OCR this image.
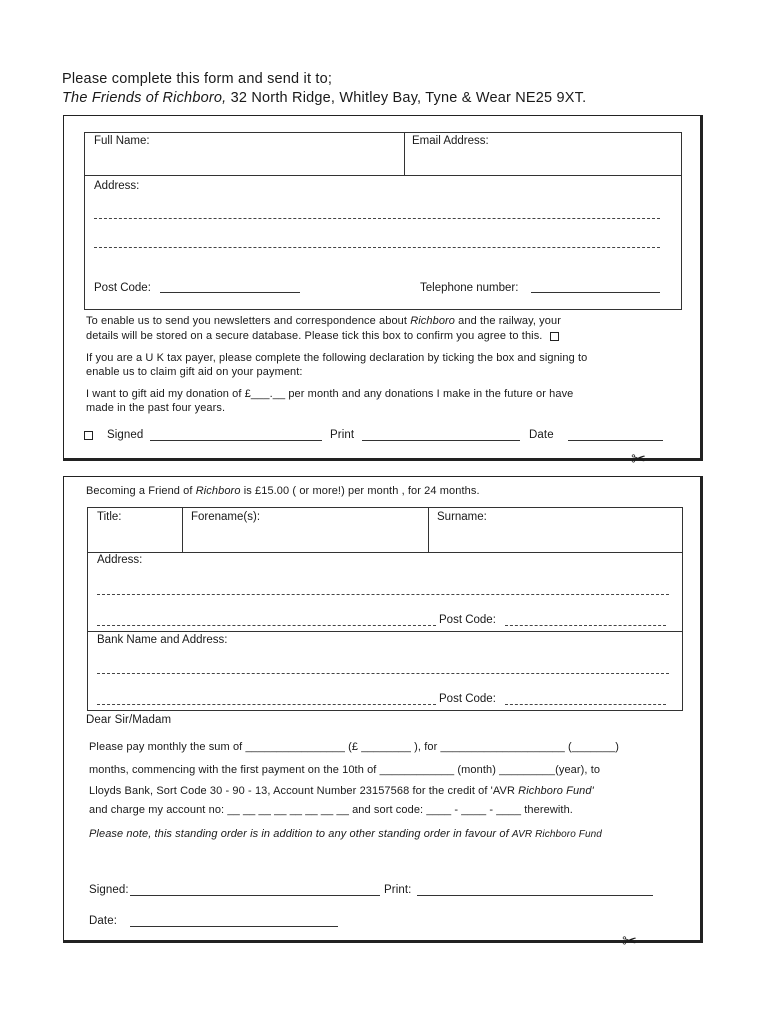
Please complete this form and send it to;
The Friends of Richboro, 32 North Ridge, Whitley Bay, Tyne & Wear NE25 9XT.
Full Name:	Email Address:
Address:
Post Code:	Telephone number:
To enable us to send you newsletters and correspondence about Richboro and the railway, your
details will be stored on a secure database. Please tick this box to confirm you agree to this.
If you are a U K tax payer, please complete the following declaration by ticking the box and signing to
enable us to claim gift aid on your payment:
I want to gift aid my donation of £___.__ per month and any donations I make in the future or have
made in the past four years.
Signed	Print	Date
✂
Becoming a Friend of Richboro is £15.00 ( or more!) per month , for 24 months.
Title:	Forename(s):	Surname:
Address:
Post Code:
Bank Name and Address:
Post Code:
Dear Sir/Madam
Please pay monthly the sum of ________________ (£ ________ ), for ____________________ (_______)
months, commencing with the first payment on the 10th of ____________ (month) _________(year), to
Lloyds Bank, Sort Code 30 - 90 - 13, Account Number 23157568 for the credit of 'AVR Richboro Fund'
and charge my account no: __ __ __ __ __ __ __ __ and sort code: ____ - ____ - ____ therewith.
Please note, this standing order is in addition to any other standing order in favour of AVR Richboro Fund
Signed:	Print:
Date:
✂
